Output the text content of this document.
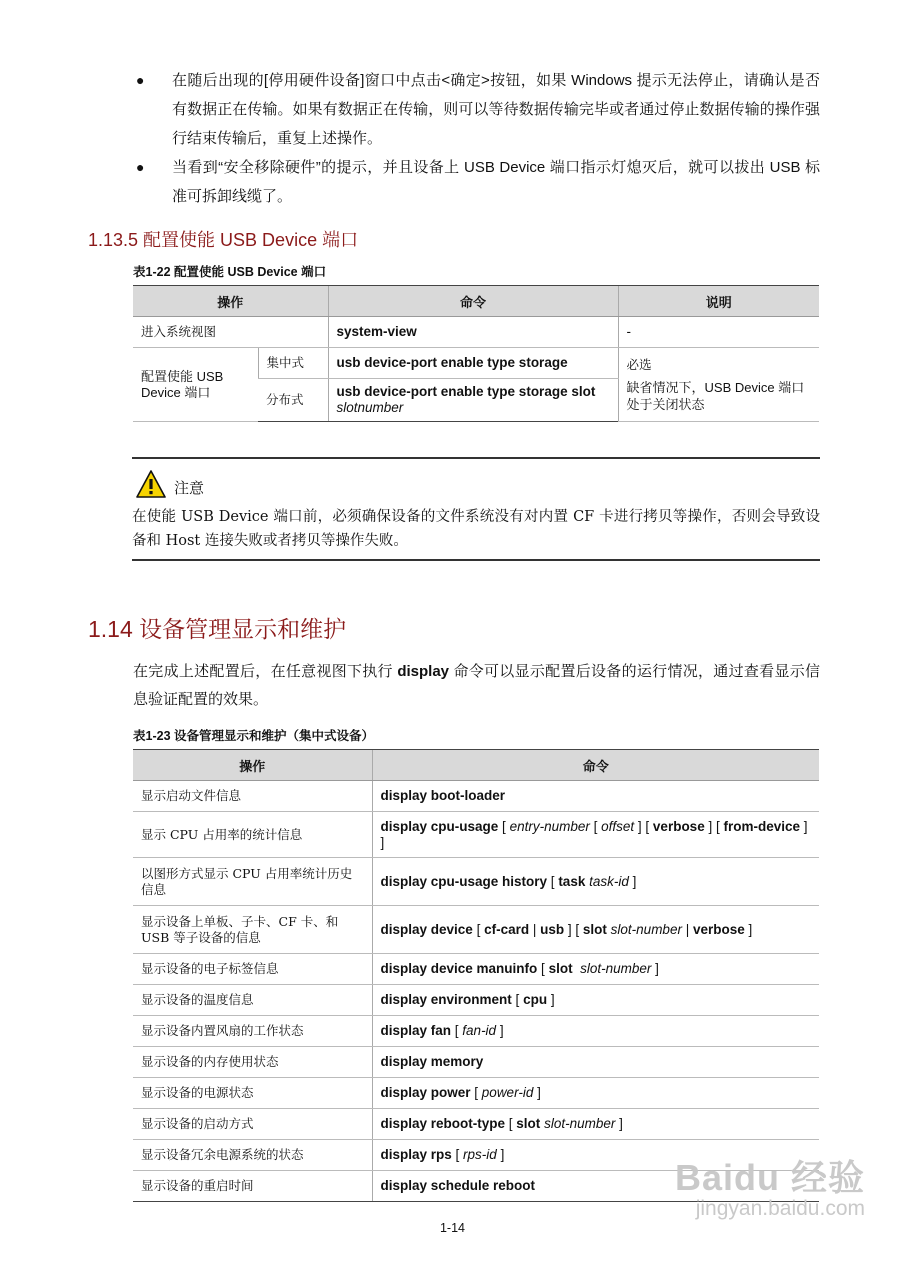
● 在随后出现的[停用硬件设备]窗口中点击<确定>按钮，如果 Windows 提示无法停止，请确认是否有数据正在传输。如果有数据正在传输，则可以等待数据传输完毕或者通过停止数据传输的操作强行结束传输后，重复上述操作。
● 当看到“安全移除硬件”的提示，并且设备上 USB Device 端口指示灯熄灭后，就可以拔出 USB 标准可拆卸线缆了。
1.13.5 配置使能 USB Device 端口
表1-22 配置使能 USB Device 端口
操作		命令	说明
进入系统视图		system-view	-
配置使能 USB Device 端口	集中式	usb device-port enable type storage	必选
缺省情况下，USB Device 端口处于关闭状态

	分布式	usb device-port enable type storage slot
slotnumber	
注意
在使能 USB Device 端口前，必须确保设备的文件系统没有对内置 CF 卡进行拷贝等操作，否则会导致设备和 Host 连接失败或者拷贝等操作失败。
1.14 设备管理显示和维护
在完成上述配置后，在任意视图下执行 display 命令可以显示配置后设备的运行情况，通过查看显示信息验证配置的效果。
表1-23 设备管理显示和维护（集中式设备）
操作	命令
显示启动文件信息	display boot-loader
显示 CPU 占用率的统计信息	display cpu-usage [ entry-number [ offset ] [ verbose ] [ from-device ] ]
以图形方式显示 CPU 占用率统计历史信息	display cpu-usage history [ task task-id ]
显示设备上单板、子卡、CF 卡、和 USB 等子设备的信息	display device [ cf-card | usb ] [ slot slot-number | verbose ]
显示设备的电子标签信息	display device manuinfo [ slot slot-number ]
显示设备的温度信息	display environment [ cpu ]
显示设备内置风扇的工作状态	display fan [ fan-id ]
显示设备的内存使用状态	display memory
显示设备的电源状态	display power [ power-id ]
显示设备的启动方式	display reboot-type [ slot slot-number ]
显示设备冗余电源系统的状态	display rps [ rps-id ]
显示设备的重启时间	display schedule reboot	Baidu 经验
jingyan.baidu.com
1-14
